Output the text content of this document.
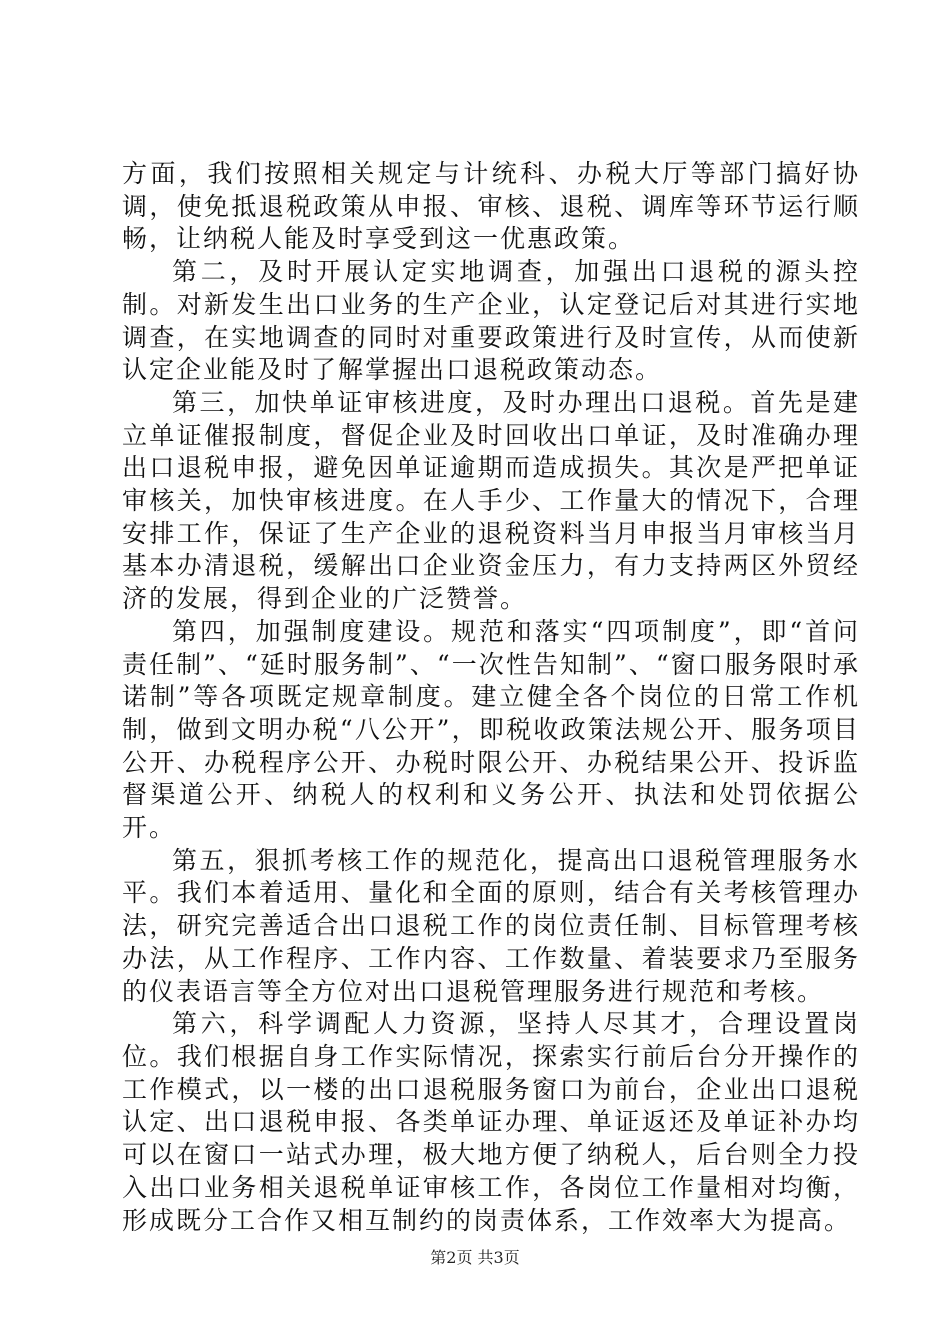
方面，我们按照相关规定与计统科、办税大厅等部门搞好协调，使免抵退税政策从申报、审核、退税、调库等环节运行顺畅，让纳税人能及时享受到这一优惠政策。

第二，及时开展认定实地调查，加强出口退税的源头控制。对新发生出口业务的生产企业，认定登记后对其进行实地调查，在实地调查的同时对重要政策进行及时宣传，从而使新认定企业能及时了解掌握出口退税政策动态。

第三，加快单证审核进度，及时办理出口退税。首先是建立单证催报制度，督促企业及时回收出口单证，及时准确办理出口退税申报，避免因单证逾期而造成损失。其次是严把单证审核关，加快审核进度。在人手少、工作量大的情况下，合理安排工作，保证了生产企业的退税资料当月申报当月审核当月基本办清退税，缓解出口企业资金压力，有力支持两区外贸经济的发展，得到企业的广泛赞誉。

第四，加强制度建设。规范和落实“四项制度”，即“首问责任制”、“延时服务制”、“一次性告知制”、“窗口服务限时承诺制”等各项既定规章制度。建立健全各个岗位的日常工作机制，做到文明办税“八公开”，即税收政策法规公开、服务项目公开、办税程序公开、办税时限公开、办税结果公开、投诉监督渠道公开、纳税人的权利和义务公开、执法和处罚依据公开。

第五，狠抓考核工作的规范化，提高出口退税管理服务水平。我们本着适用、量化和全面的原则，结合有关考核管理办法，研究完善适合出口退税工作的岗位责任制、目标管理考核办法，从工作程序、工作内容、工作数量、着装要求乃至服务的仪表语言等全方位对出口退税管理服务进行规范和考核。

第六，科学调配人力资源，坚持人尽其才，合理设置岗位。我们根据自身工作实际情况，探索实行前后台分开操作的工作模式，以一楼的出口退税服务窗口为前台，企业出口退税认定、出口退税申报、各类单证办理、单证返还及单证补办均可以在窗口一站式办理，极大地方便了纳税人，后台则全力投入出口业务相关退税单证审核工作，各岗位工作量相对均衡，形成既分工合作又相互制约的岗责体系，工作效率大为提高。

第2页 共3页
